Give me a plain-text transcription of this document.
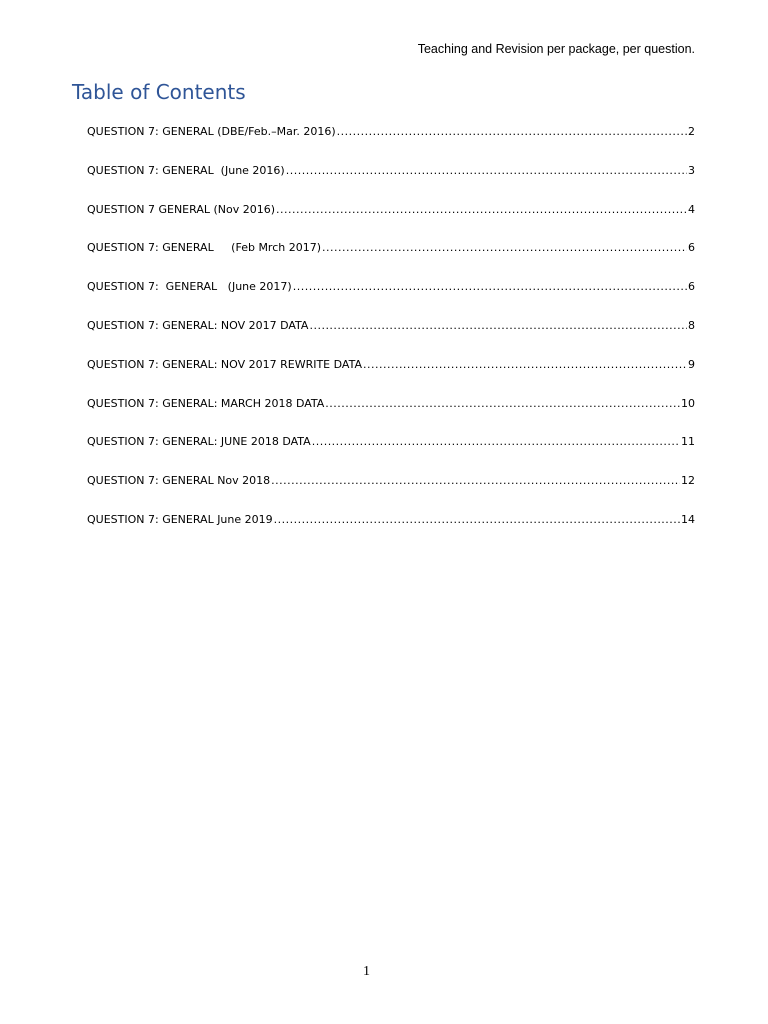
Teaching and Revision per package, per question.
Table of Contents
QUESTION 7: GENERAL (DBE/Feb.–Mar. 2016) .....	2
QUESTION 7: GENERAL  (June 2016) .....	3
QUESTION 7 GENERAL (Nov 2016) .....	4
QUESTION 7: GENERAL     (Feb Mrch 2017) .....	6
QUESTION 7:  GENERAL   (June 2017) .....	6
QUESTION 7: GENERAL: NOV 2017 DATA .....	8
QUESTION 7: GENERAL: NOV 2017 REWRITE DATA .....	9
QUESTION 7: GENERAL: MARCH 2018 DATA .....	10
QUESTION 7: GENERAL: JUNE 2018 DATA .....	11
QUESTION 7: GENERAL Nov 2018 .....	12
QUESTION 7: GENERAL June 2019 .....	14
1
